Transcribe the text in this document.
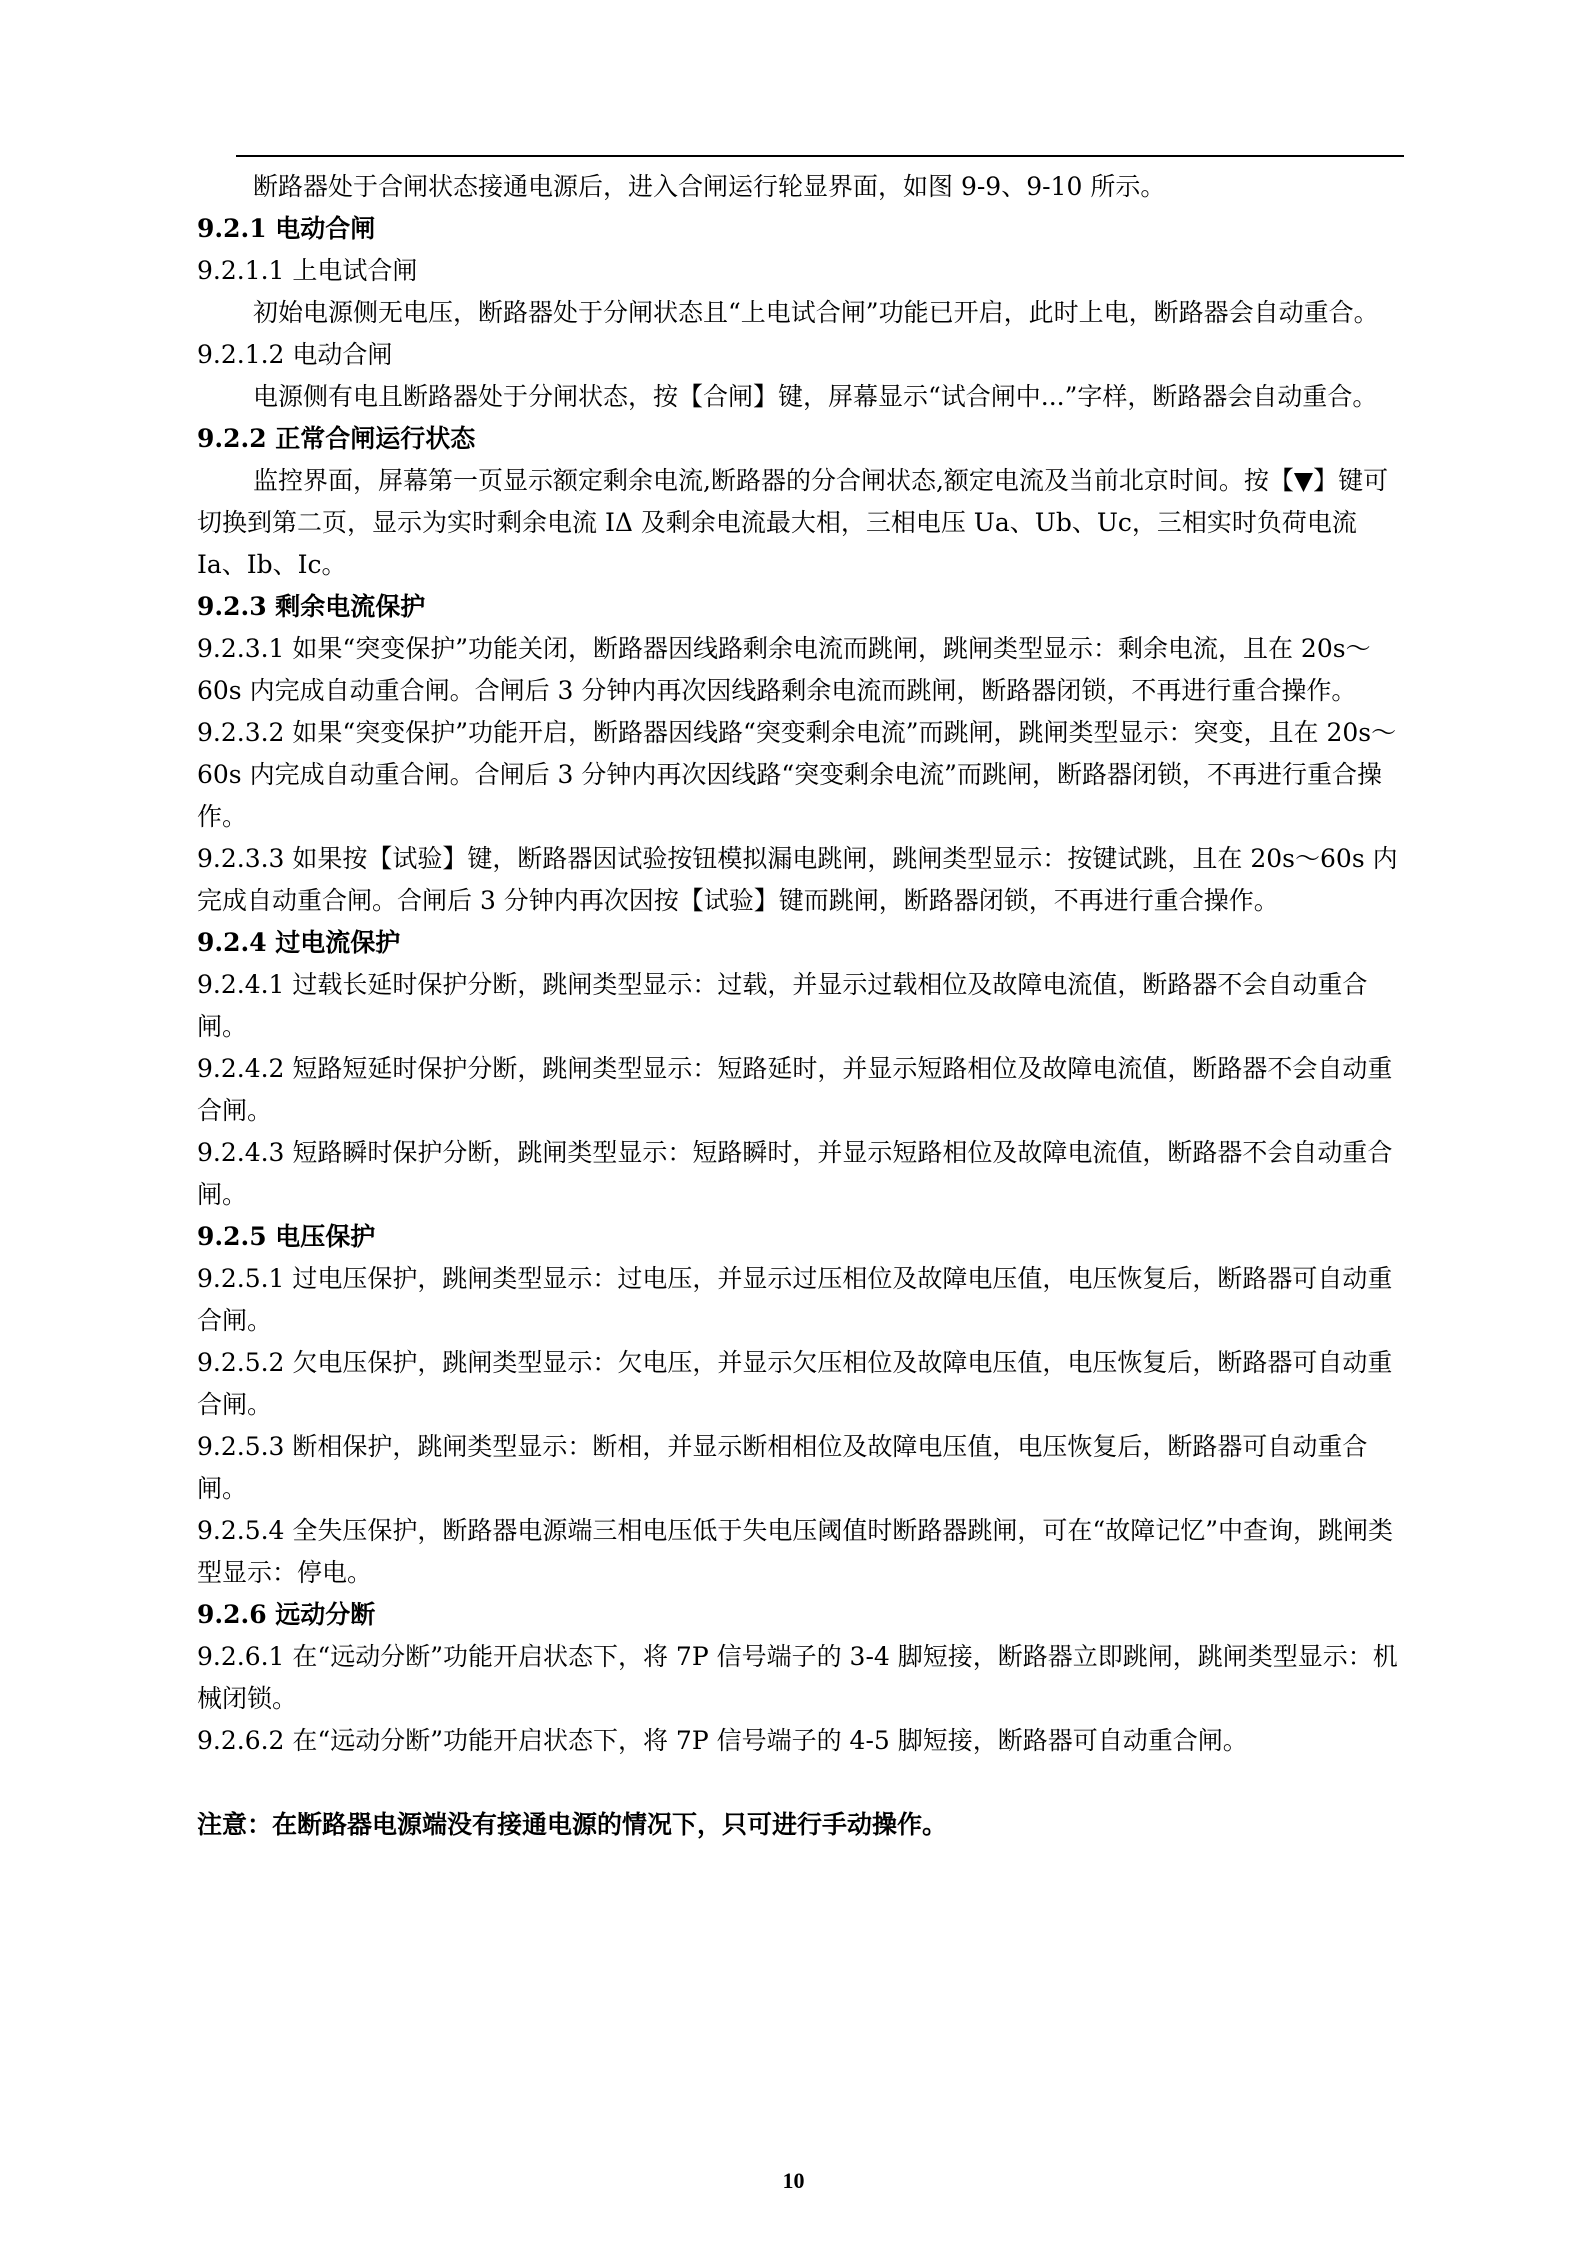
断路器处于合闸状态接通电源后，进入合闸运行轮显界面，如图 9-9、9-10 所示。

9.2.1 电动合闸

9.2.1.1 上电试合闸

初始电源侧无电压，断路器处于分闸状态且“上电试合闸”功能已开启，此时上电，断路器会自动重合。

9.2.1.2 电动合闸

电源侧有电且断路器处于分闸状态，按【合闸】键，屏幕显示“试合闸中...”字样，断路器会自动重合。

9.2.2 正常合闸运行状态

监控界面，屏幕第一页显示额定剩余电流,断路器的分合闸状态,额定电流及当前北京时间。按【▼】键可切换到第二页，显示为实时剩余电流 IΔ 及剩余电流最大相，三相电压 Ua、Ub、Uc，三相实时负荷电流 Ia、Ib、Ic。

9.2.3 剩余电流保护

9.2.3.1 如果“突变保护”功能关闭，断路器因线路剩余电流而跳闸，跳闸类型显示：剩余电流，且在 20s～60s 内完成自动重合闸。合闸后 3 分钟内再次因线路剩余电流而跳闸，断路器闭锁，不再进行重合操作。

9.2.3.2 如果“突变保护”功能开启，断路器因线路“突变剩余电流”而跳闸，跳闸类型显示：突变，且在 20s～60s 内完成自动重合闸。合闸后 3 分钟内再次因线路“突变剩余电流”而跳闸，断路器闭锁，不再进行重合操作。

9.2.3.3 如果按【试验】键，断路器因试验按钮模拟漏电跳闸，跳闸类型显示：按键试跳，且在 20s～60s 内完成自动重合闸。合闸后 3 分钟内再次因按【试验】键而跳闸，断路器闭锁，不再进行重合操作。

9.2.4 过电流保护

9.2.4.1 过载长延时保护分断，跳闸类型显示：过载，并显示过载相位及故障电流值，断路器不会自动重合闸。

9.2.4.2 短路短延时保护分断，跳闸类型显示：短路延时，并显示短路相位及故障电流值，断路器不会自动重合闸。

9.2.4.3 短路瞬时保护分断，跳闸类型显示：短路瞬时，并显示短路相位及故障电流值，断路器不会自动重合闸。

9.2.5 电压保护

9.2.5.1 过电压保护，跳闸类型显示：过电压，并显示过压相位及故障电压值，电压恢复后，断路器可自动重合闸。

9.2.5.2 欠电压保护，跳闸类型显示：欠电压，并显示欠压相位及故障电压值，电压恢复后，断路器可自动重合闸。

9.2.5.3 断相保护，跳闸类型显示：断相，并显示断相相位及故障电压值，电压恢复后，断路器可自动重合闸。

9.2.5.4 全失压保护，断路器电源端三相电压低于失电压阈值时断路器跳闸，可在“故障记忆”中查询，跳闸类型显示：停电。

9.2.6 远动分断

9.2.6.1 在“远动分断”功能开启状态下，将 7P 信号端子的 3-4 脚短接，断路器立即跳闸，跳闸类型显示：机械闭锁。

9.2.6.2 在“远动分断”功能开启状态下，将 7P 信号端子的 4-5 脚短接，断路器可自动重合闸。

注意：在断路器电源端没有接通电源的情况下，只可进行手动操作。

10
